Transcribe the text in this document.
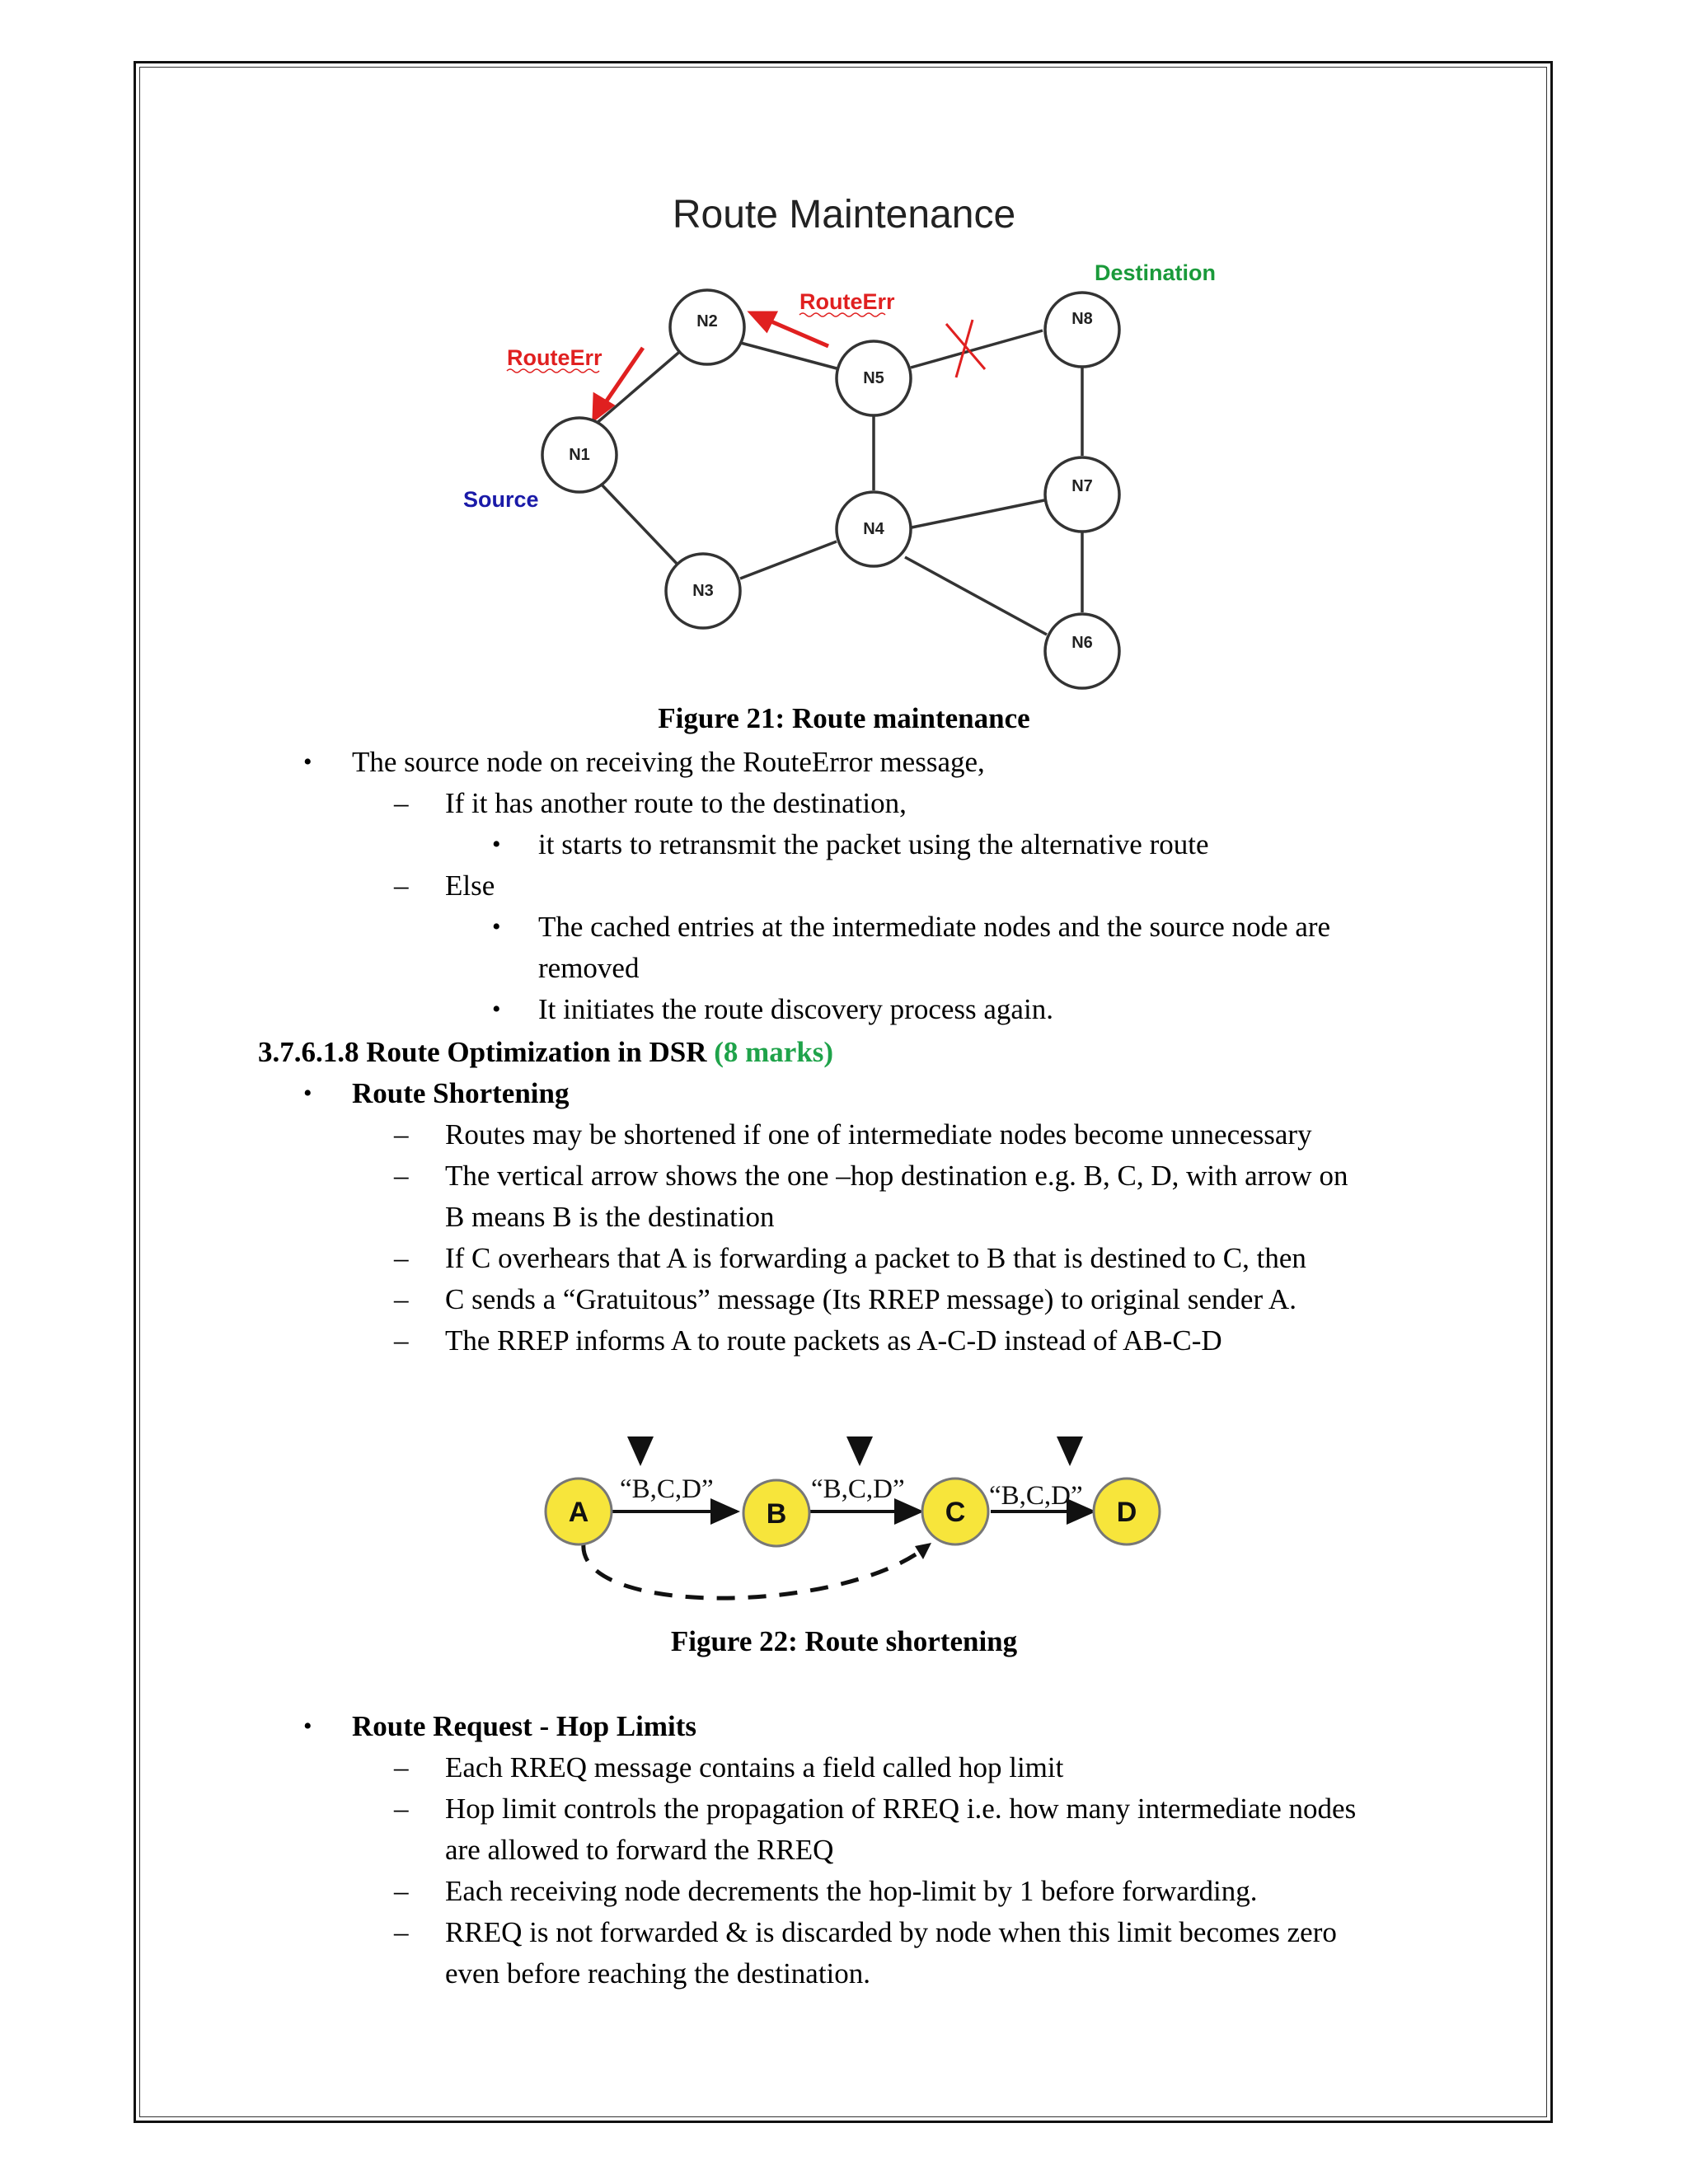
Route Maintenance
N1
N2
N3
N4
N5
N6
N7
N8
Destination
Source
RouteErr
RouteErr
Figure 21: Route maintenance
• The source node on receiving the RouteError message,
– If it has another route to the destination,
• it starts to retransmit the packet using the alternative route
– Else
• The cached entries at the intermediate nodes and the source node are
removed
• It initiates the route discovery process again.
3.7.6.1.8 Route Optimization in DSR (8 marks)
• Route Shortening
– Routes may be shortened if one of intermediate nodes become unnecessary
– The vertical arrow shows the one –hop destination e.g. B, C, D, with arrow on
B means B is the destination
– If C overhears that A is forwarding a packet to B that is destined to C, then
– C sends a “Gratuitous” message (Its RREP message) to original sender A.
– The RREP informs A to route packets as A-C-D instead of AB-C-D
“B,C,D”	“B,C,D”	“B,C,D”
A	B	C	D
Figure 22: Route shortening
• Route Request - Hop Limits
– Each RREQ message contains a field called hop limit
– Hop limit controls the propagation of RREQ i.e. how many intermediate nodes
are allowed to forward the RREQ
– Each receiving node decrements the hop-limit by 1 before forwarding.
– RREQ is not forwarded & is discarded by node when this limit becomes zero
even before reaching the destination.
